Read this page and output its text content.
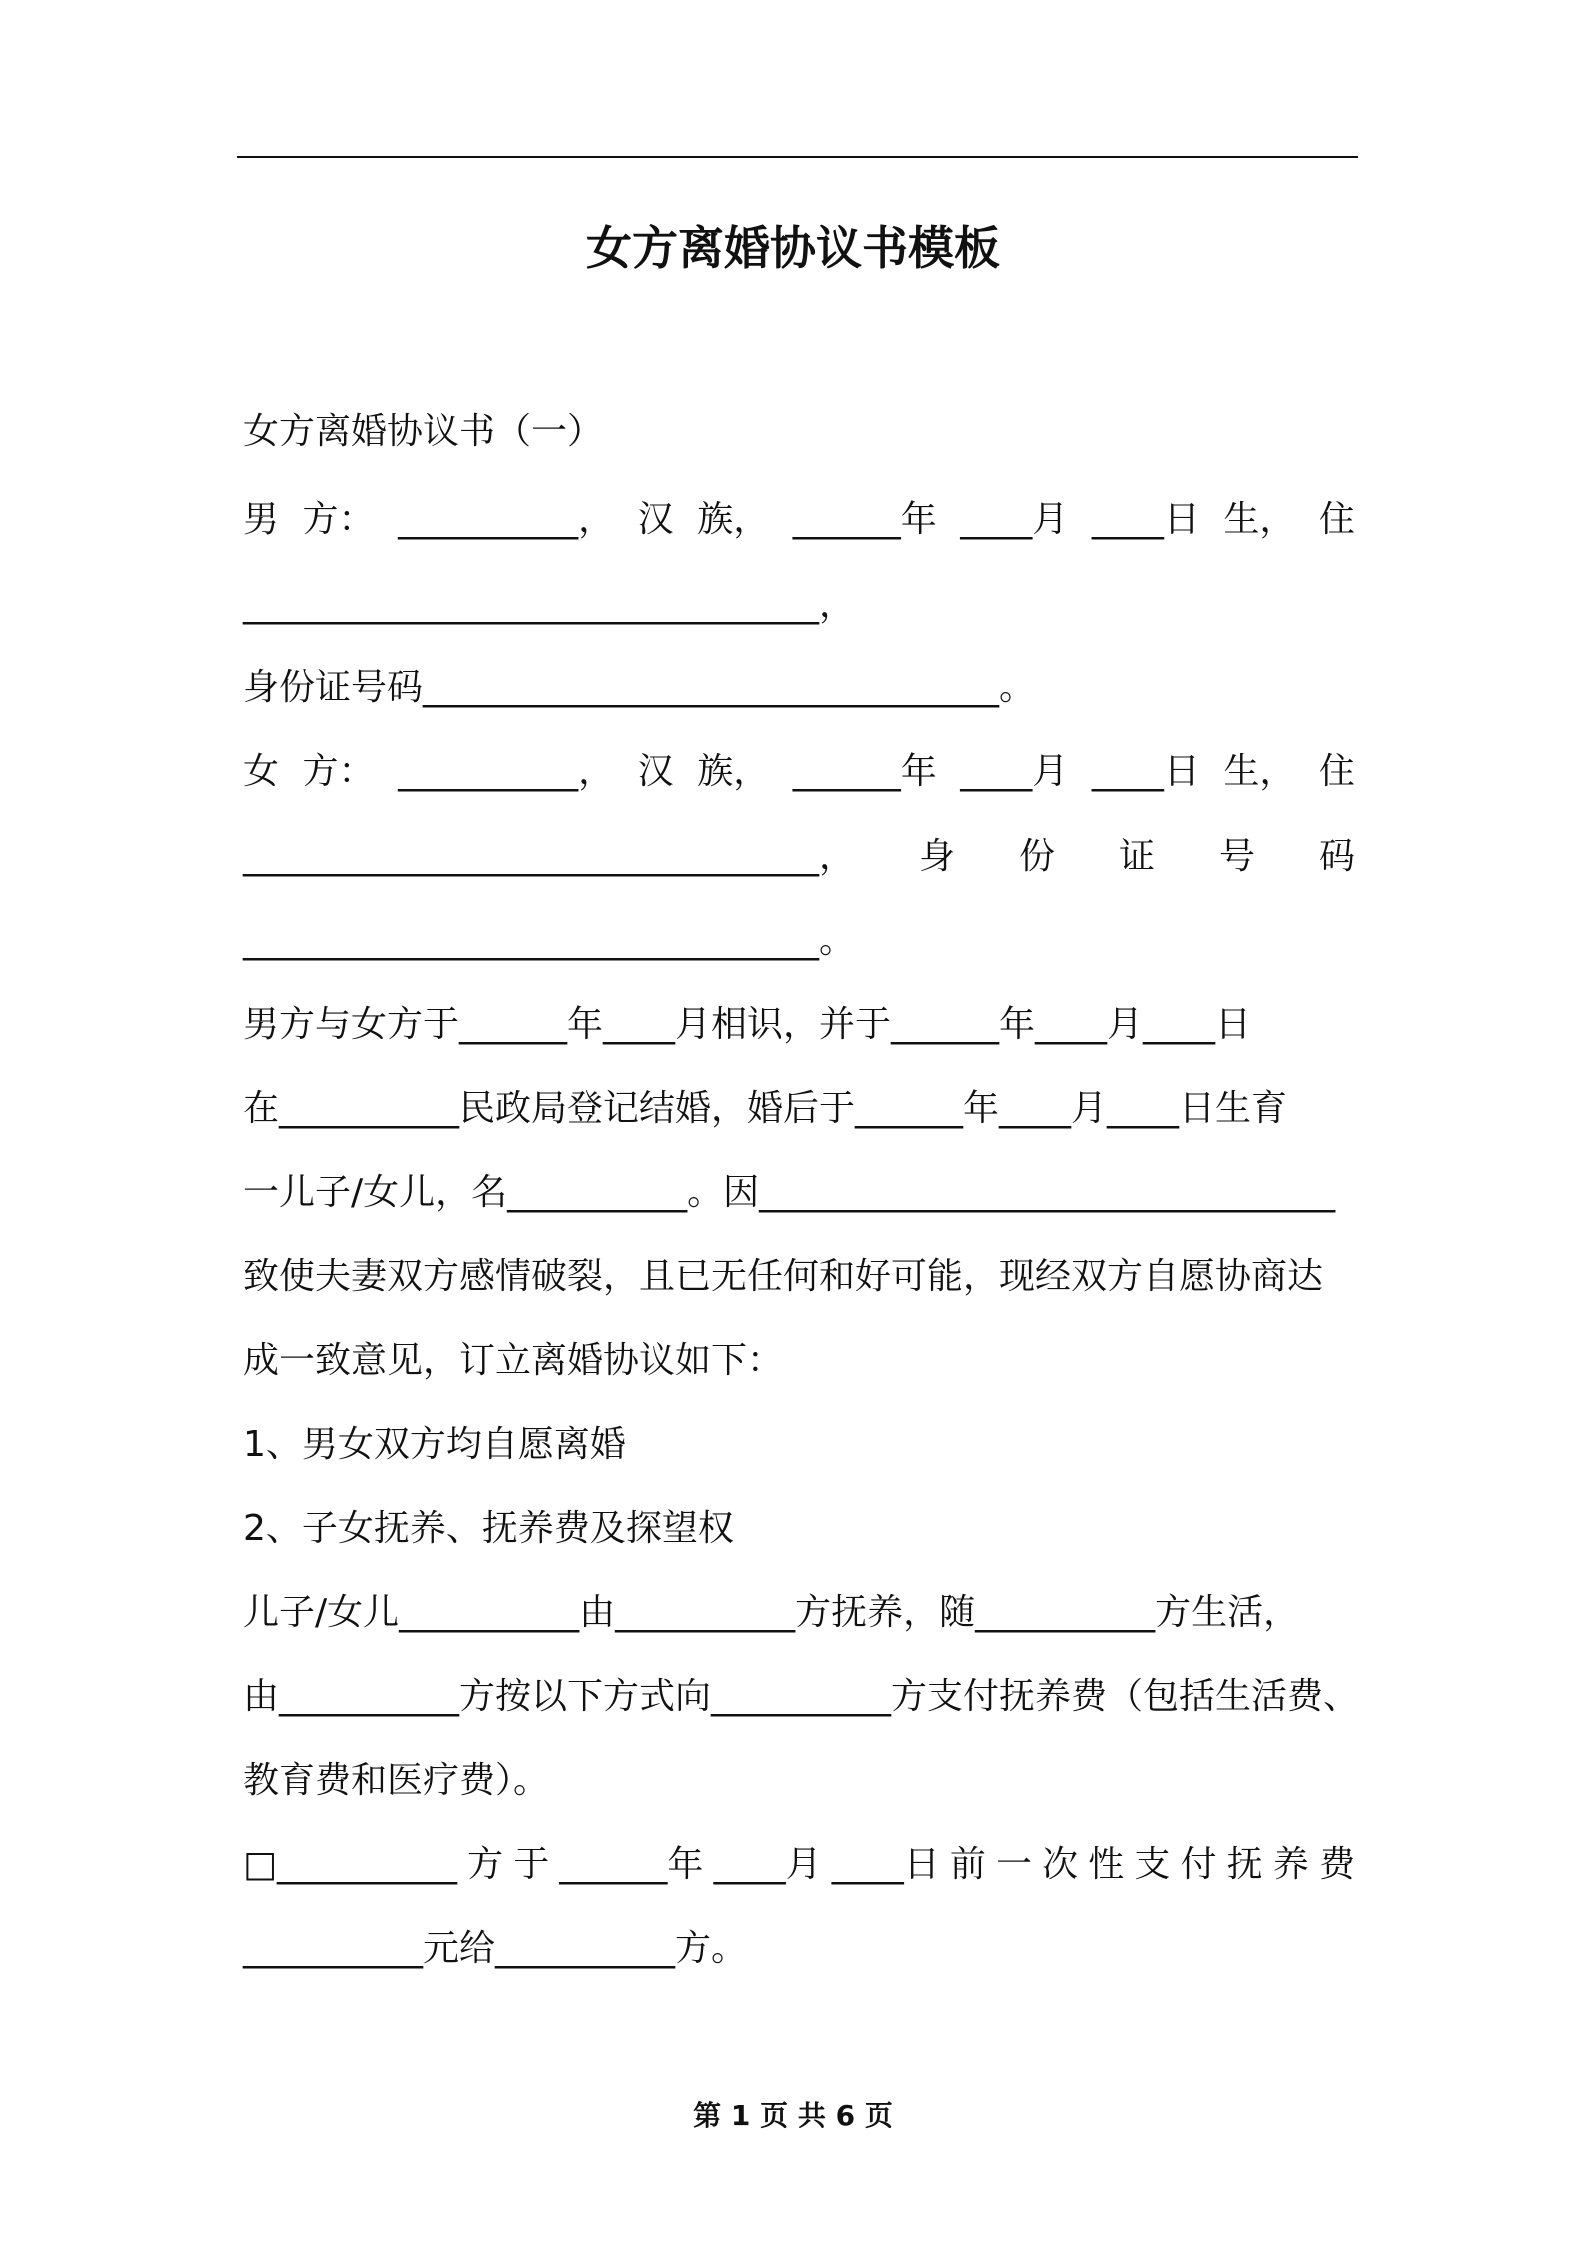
女方离婚协议书模板
女方离婚协议书（一）
男 方： __________， 汉 族， ______年 ____月 ____日 生， 住
________________________________，
身份证号码________________________________。
女 方： __________， 汉 族， ______年 ____月 ____日 生， 住
________________________________， 身 份 证 号 码
________________________________。
男方与女方于______年____月相识，并于______年____月____日
在__________民政局登记结婚，婚后于______年____月____日生育
一儿子/女儿，名__________。因________________________________
致使夫妻双方感情破裂，且已无任何和好可能，现经双方自愿协商达
成一致意见，订立离婚协议如下：
1、男女双方均自愿离婚
2、子女抚养、抚养费及探望权
儿子/女儿__________由__________方抚养，随__________方生活，
由__________方按以下方式向__________方支付抚养费（包括生活费、
教育费和医疗费）。
□__________ 方 于 ______年 ____月 ____日 前 一 次 性 支 付 抚 养 费
__________元给__________方。
第 1 页 共 6 页
